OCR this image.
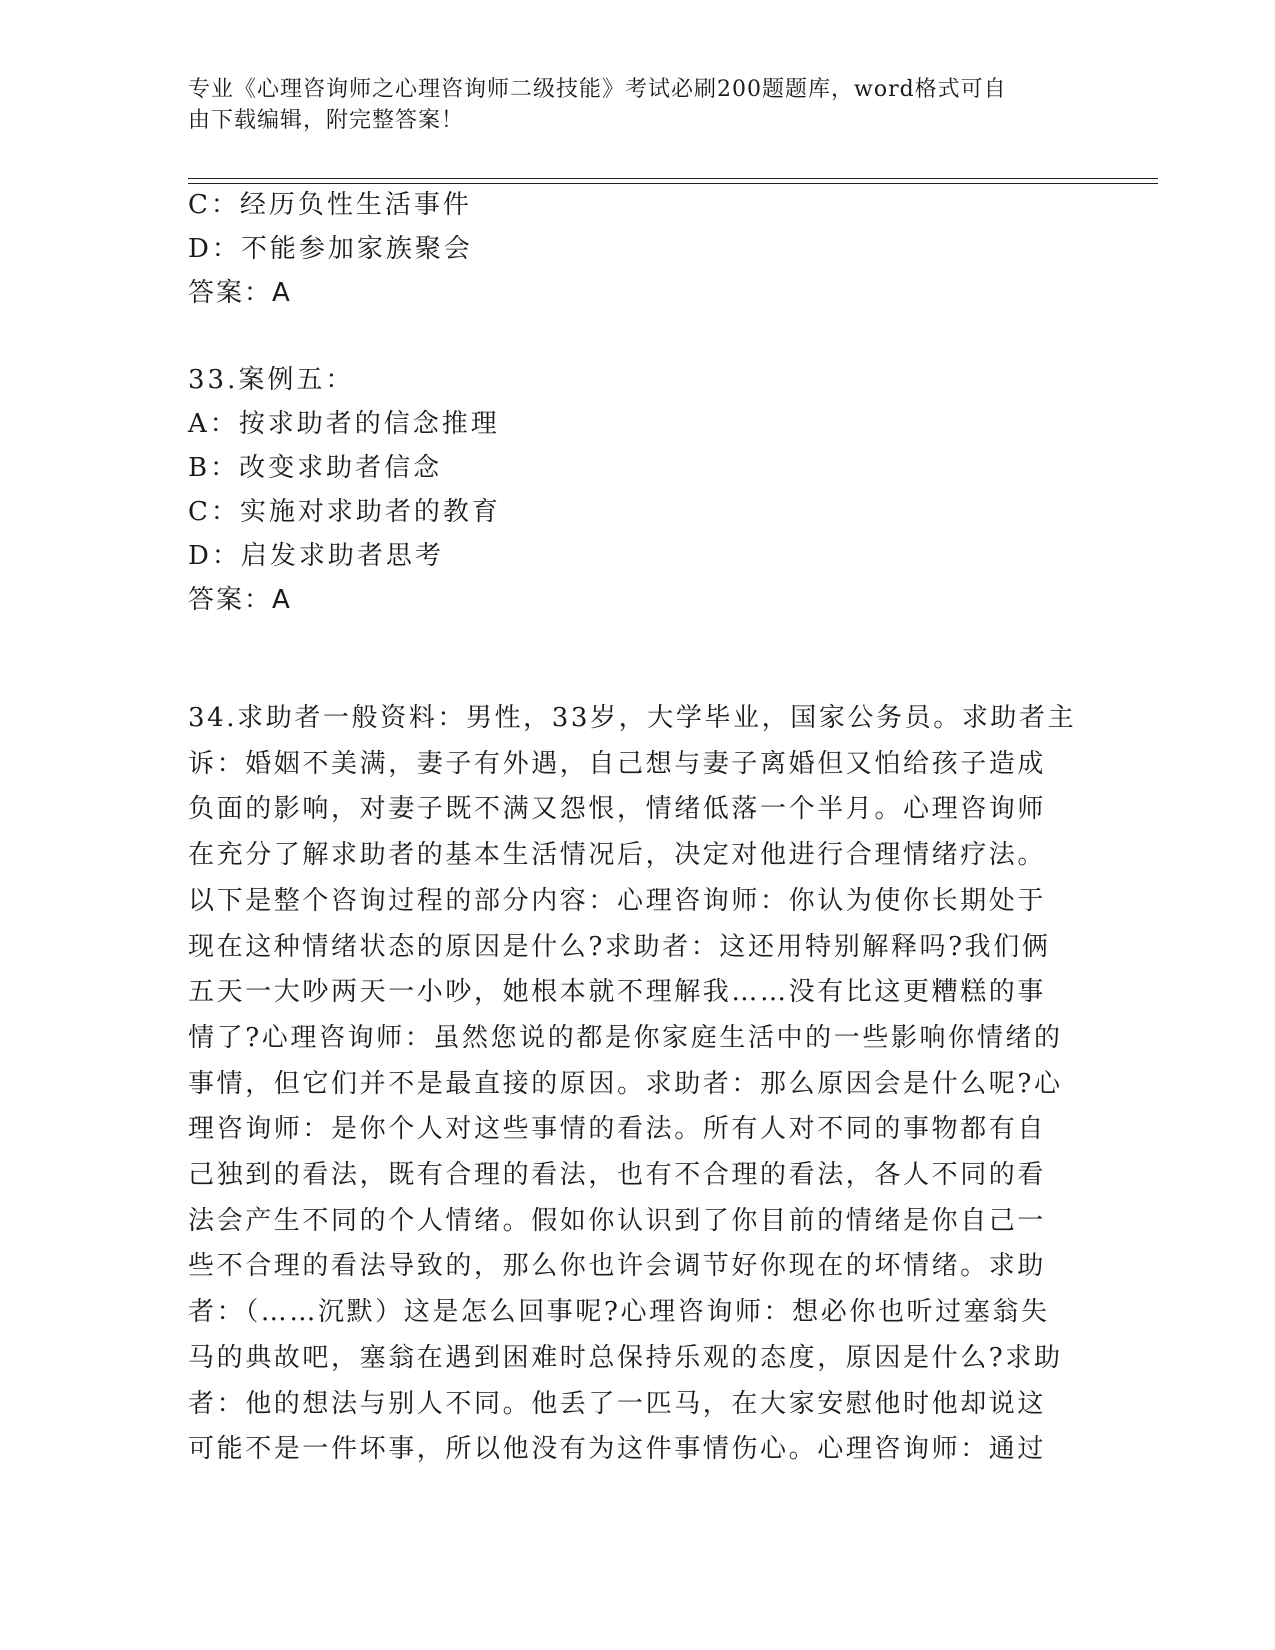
专业《心理咨询师之心理咨询师二级技能》考试必刷200题题库，word格式可自
由下载编辑，附完整答案！
C：经历负性生活事件
D：不能参加家族聚会
答案：A
33.案例五：
A：按求助者的信念推理
B：改变求助者信念
C：实施对求助者的教育
D：启发求助者思考
答案：A
34.求助者一般资料：男性，33岁，大学毕业，国家公务员。求助者主
诉：婚姻不美满，妻子有外遇，自己想与妻子离婚但又怕给孩子造成
负面的影响，对妻子既不满又怨恨，情绪低落一个半月。心理咨询师
在充分了解求助者的基本生活情况后，决定对他进行合理情绪疗法。
以下是整个咨询过程的部分内容：心理咨询师：你认为使你长期处于
现在这种情绪状态的原因是什么?求助者：这还用特别解释吗?我们俩
五天一大吵两天一小吵，她根本就不理解我……没有比这更糟糕的事
情了?心理咨询师：虽然您说的都是你家庭生活中的一些影响你情绪的
事情，但它们并不是最直接的原因。求助者：那么原因会是什么呢?心
理咨询师：是你个人对这些事情的看法。所有人对不同的事物都有自
己独到的看法，既有合理的看法，也有不合理的看法，各人不同的看
法会产生不同的个人情绪。假如你认识到了你目前的情绪是你自己一
些不合理的看法导致的，那么你也许会调节好你现在的坏情绪。求助
者：（……沉默）这是怎么回事呢?心理咨询师：想必你也听过塞翁失
马的典故吧，塞翁在遇到困难时总保持乐观的态度，原因是什么?求助
者：他的想法与别人不同。他丢了一匹马，在大家安慰他时他却说这
可能不是一件坏事，所以他没有为这件事情伤心。心理咨询师：通过
